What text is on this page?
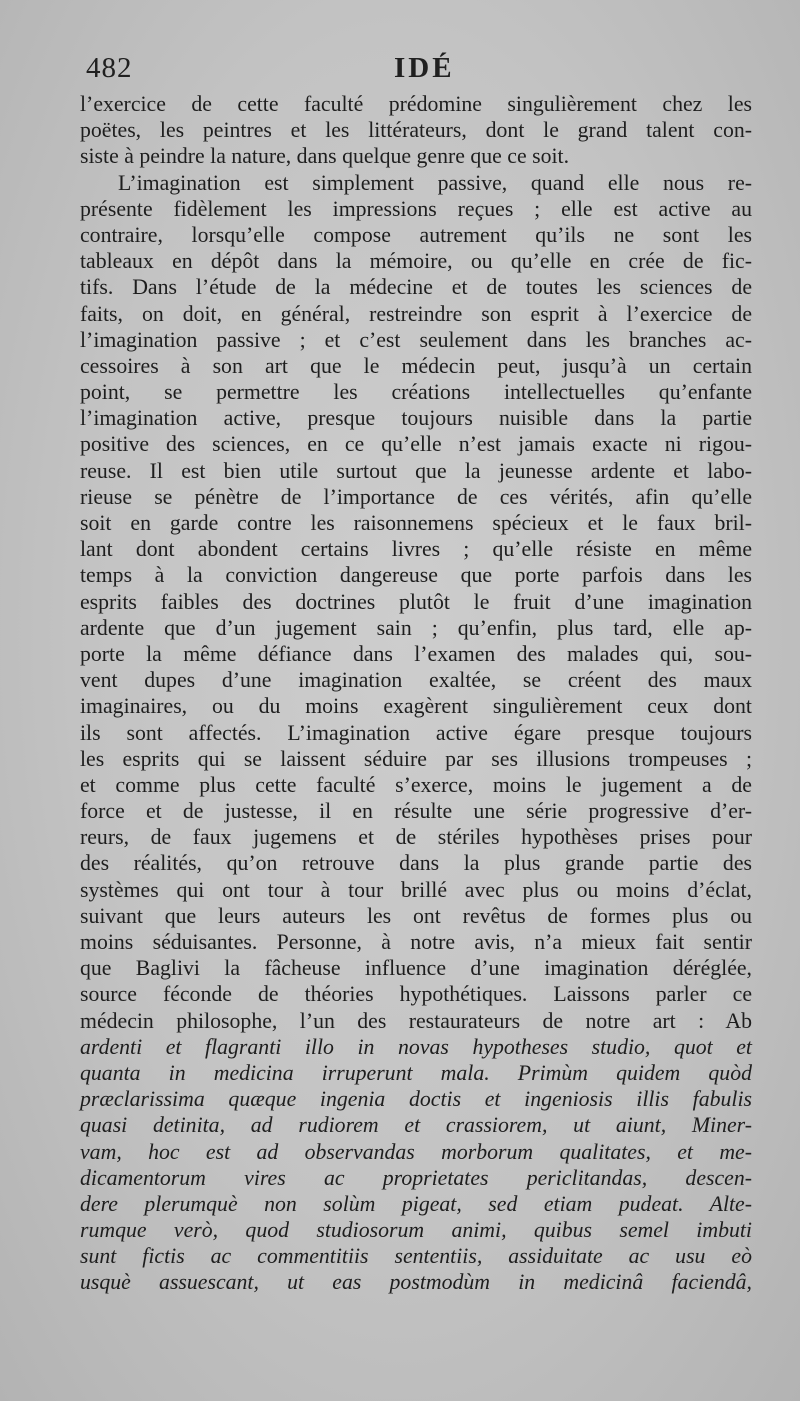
482	IDÉ
l’exercice de cette faculté prédomine singulièrement chez les
poëtes, les peintres et les littérateurs, dont le grand talent con-
siste à peindre la nature, dans quelque genre que ce soit.
L’imagination est simplement passive, quand elle nous re-
présente fidèlement les impressions reçues ; elle est active au
contraire, lorsqu’elle compose autrement qu’ils ne sont les
tableaux en dépôt dans la mémoire, ou qu’elle en crée de fic-
tifs. Dans l’étude de la médecine et de toutes les sciences de
faits, on doit, en général, restreindre son esprit à l’exercice de
l’imagination passive ; et c’est seulement dans les branches ac-
cessoires à son art que le médecin peut, jusqu’à un certain
point, se permettre les créations intellectuelles qu’enfante
l’imagination active, presque toujours nuisible dans la partie
positive des sciences, en ce qu’elle n’est jamais exacte ni rigou-
reuse. Il est bien utile surtout que la jeunesse ardente et labo-
rieuse se pénètre de l’importance de ces vérités, afin qu’elle
soit en garde contre les raisonnemens spécieux et le faux bril-
lant dont abondent certains livres ; qu’elle résiste en même
temps à la conviction dangereuse que porte parfois dans les
esprits faibles des doctrines plutôt le fruit d’une imagination
ardente que d’un jugement sain ; qu’enfin, plus tard, elle ap-
porte la même défiance dans l’examen des malades qui, sou-
vent dupes d’une imagination exaltée, se créent des maux
imaginaires, ou du moins exagèrent singulièrement ceux dont
ils sont affectés. L’imagination active égare presque toujours
les esprits qui se laissent séduire par ses illusions trompeuses ;
et comme plus cette faculté s’exerce, moins le jugement a de
force et de justesse, il en résulte une série progressive d’er-
reurs, de faux jugemens et de stériles hypothèses prises pour
des réalités, qu’on retrouve dans la plus grande partie des
systèmes qui ont tour à tour brillé avec plus ou moins d’éclat,
suivant que leurs auteurs les ont revêtus de formes plus ou
moins séduisantes. Personne, à notre avis, n’a mieux fait sentir
que Baglivi la fâcheuse influence d’une imagination déréglée,
source féconde de théories hypothétiques. Laissons parler ce
médecin philosophe, l’un des restaurateurs de notre art : Ab
ardenti et flagranti illo in novas hypotheses studio, quot et
quanta in medicina irruperunt mala. Primùm quidem quòd
præclarissima quæque ingenia doctis et ingeniosis illis fabulis
quasi detinita, ad rudiorem et crassiorem, ut aiunt, Miner-
vam, hoc est ad observandas morborum qualitates, et me-
dicamentorum vires ac proprietates periclitandas, descen-
dere plerumquè non solùm pigeat, sed etiam pudeat. Alte-
rumque verò, quod studiosorum animi, quibus semel imbuti
sunt fictis ac commentitiis sententiis, assiduitate ac usu eò
usquè assuescant, ut eas postmodùm in medicinâ faciendâ,
